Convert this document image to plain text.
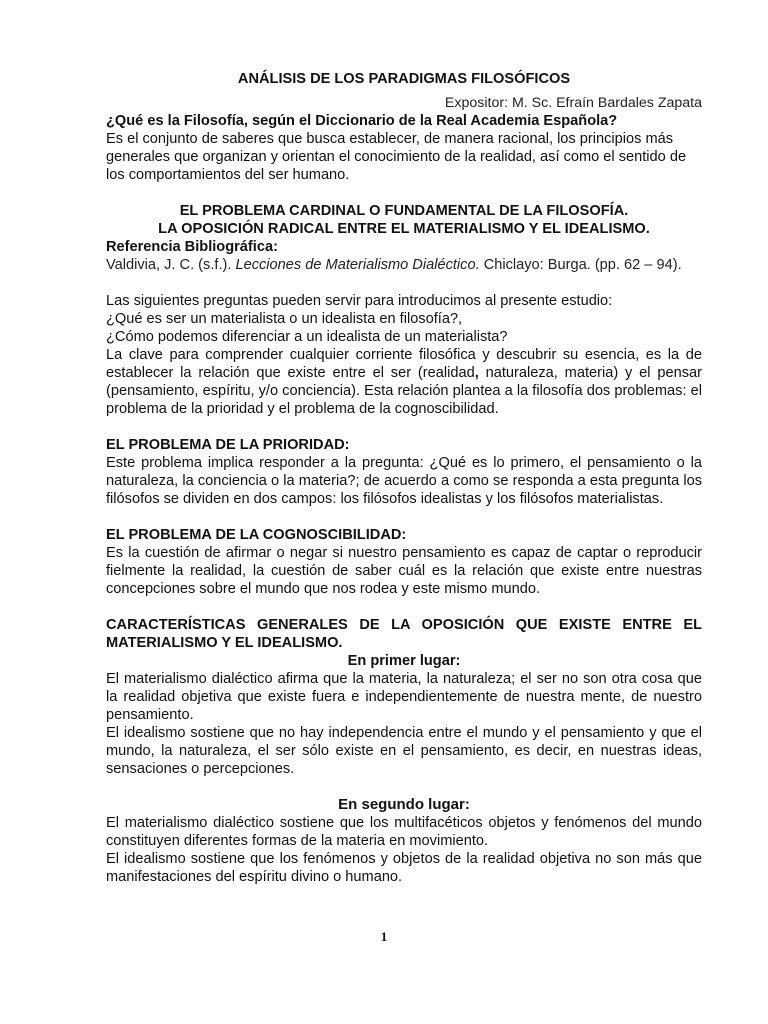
ANÁLISIS DE LOS PARADIGMAS FILOSÓFICOS

Expositor: M. Sc. Efraín Bardales Zapata

¿Qué es la Filosofía, según el Diccionario de la Real Academia Española?

Es el conjunto de saberes que busca establecer, de manera racional, los principios más generales que organizan y orientan el conocimiento de la realidad, así como el sentido de los comportamientos del ser humano.

EL PROBLEMA CARDINAL O FUNDAMENTAL DE LA FILOSOFÍA.

LA OPOSICIÓN RADICAL ENTRE EL MATERIALISMO Y EL IDEALISMO.

Referencia Bibliográfica:

Valdivia, J. C. (s.f.). Lecciones de Materialismo Dialéctico. Chiclayo: Burga. (pp. 62 – 94).

Las siguientes preguntas pueden servir para introducimos al presente estudio:

¿Qué es ser un materialista o un idealista en filosofía?,

¿Cómo podemos diferenciar a un idealista de un materialista?

La clave para comprender cualquier corriente filosófica y descubrir su esencia, es la de establecer la relación que existe entre el ser (realidad, naturaleza, materia) y el pensar (pensamiento, espíritu, y/o conciencia). Esta relación plantea a la filosofía dos problemas: el problema de la prioridad y el problema de la cognoscibilidad.

EL PROBLEMA DE LA PRIORIDAD:

Este problema implica responder a la pregunta: ¿Qué es lo primero, el pensamiento o la naturaleza, la conciencia o la materia?; de acuerdo a como se responda a esta pregunta los filósofos se dividen en dos campos: los filósofos idealistas y los filósofos materialistas.

EL PROBLEMA DE LA COGNOSCIBILIDAD:

Es la cuestión de afirmar o negar si nuestro pensamiento es capaz de captar o reproducir fielmente la realidad, la cuestión de saber cuál es la relación que existe entre nuestras concepciones sobre el mundo que nos rodea y este mismo mundo.

CARACTERÍSTICAS GENERALES DE LA OPOSICIÓN QUE EXISTE ENTRE EL MATERIALISMO Y EL IDEALISMO.

En primer lugar:

El materialismo dialéctico afirma que la materia, la naturaleza; el ser no son otra cosa que la realidad objetiva que existe fuera e independientemente de nuestra mente, de nuestro pensamiento.

El idealismo sostiene que no hay independencia entre el mundo y el pensamiento y que el mundo, la naturaleza, el ser sólo existe en el pensamiento, es decir, en nuestras ideas, sensaciones o percepciones.

En segundo lugar:

El materialismo dialéctico sostiene que los multifacéticos objetos y fenómenos del mundo constituyen diferentes formas de la materia en movimiento.

El idealismo sostiene que los fenómenos y objetos de la realidad objetiva no son más que manifestaciones del espíritu divino o humano.

1
